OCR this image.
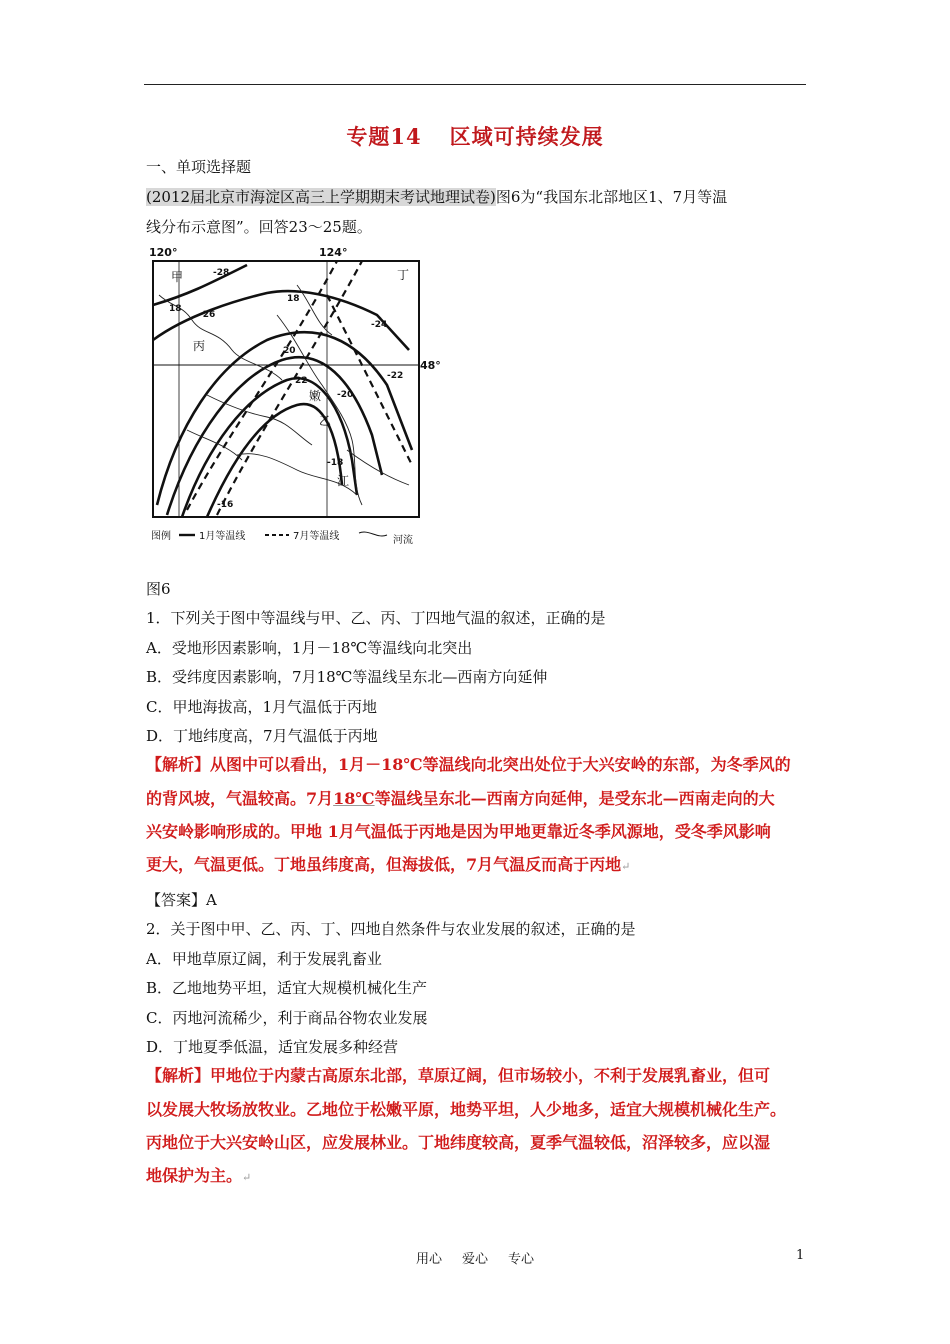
专题14 区域可持续发展
一、单项选择题
(2012届北京市海淀区高三上学期期末考试地理试卷)图6为“我国东北部地区1、7月等温
线分布示意图”。回答23～25题。
120°	124°
48°
甲
乙
丙
丁
嫩
江
-28
-26
-24
-22
-20
-18
-16
18
18
20
22
图例	1月等温线	7月等温线	河流
图6
1．下列关于图中等温线与甲、乙、丙、丁四地气温的叙述，正确的是
A．受地形因素影响，1月－18℃等温线向北突出
B．受纬度因素影响，7月18℃等温线呈东北—西南方向延伸
C．甲地海拔高，1月气温低于丙地
D．丁地纬度高，7月气温低于丙地
【解析】从图中可以看出，1月－18℃等温线向北突出处位于大兴安岭的东部，为冬季风的
的背风坡，气温较高。7月18℃等温线呈东北—西南方向延伸，是受东北—西南走向的大
兴安岭影响形成的。甲地 1月气温低于丙地是因为甲地更靠近冬季风源地，受冬季风影响
更大，气温更低。丁地虽纬度高，但海拔低，7月气温反而高于丙地↵
【答案】A
2．关于图中甲、乙、丙、丁、四地自然条件与农业发展的叙述，正确的是
A．甲地草原辽阔，利于发展乳畜业
B．乙地地势平坦，适宜大规模机械化生产
C．丙地河流稀少，利于商品谷物农业发展
D．丁地夏季低温，适宜发展多种经营
【解析】甲地位于内蒙古高原东北部，草原辽阔，但市场较小，不利于发展乳畜业，但可
以发展大牧场放牧业。乙地位于松嫩平原，地势平坦，人少地多，适宜大规模机械化生产。
丙地位于大兴安岭山区，应发展林业。丁地纬度较高，夏季气温较低，沼泽较多，应以湿
地保护为主。↵
用心 爱心 专心	1
